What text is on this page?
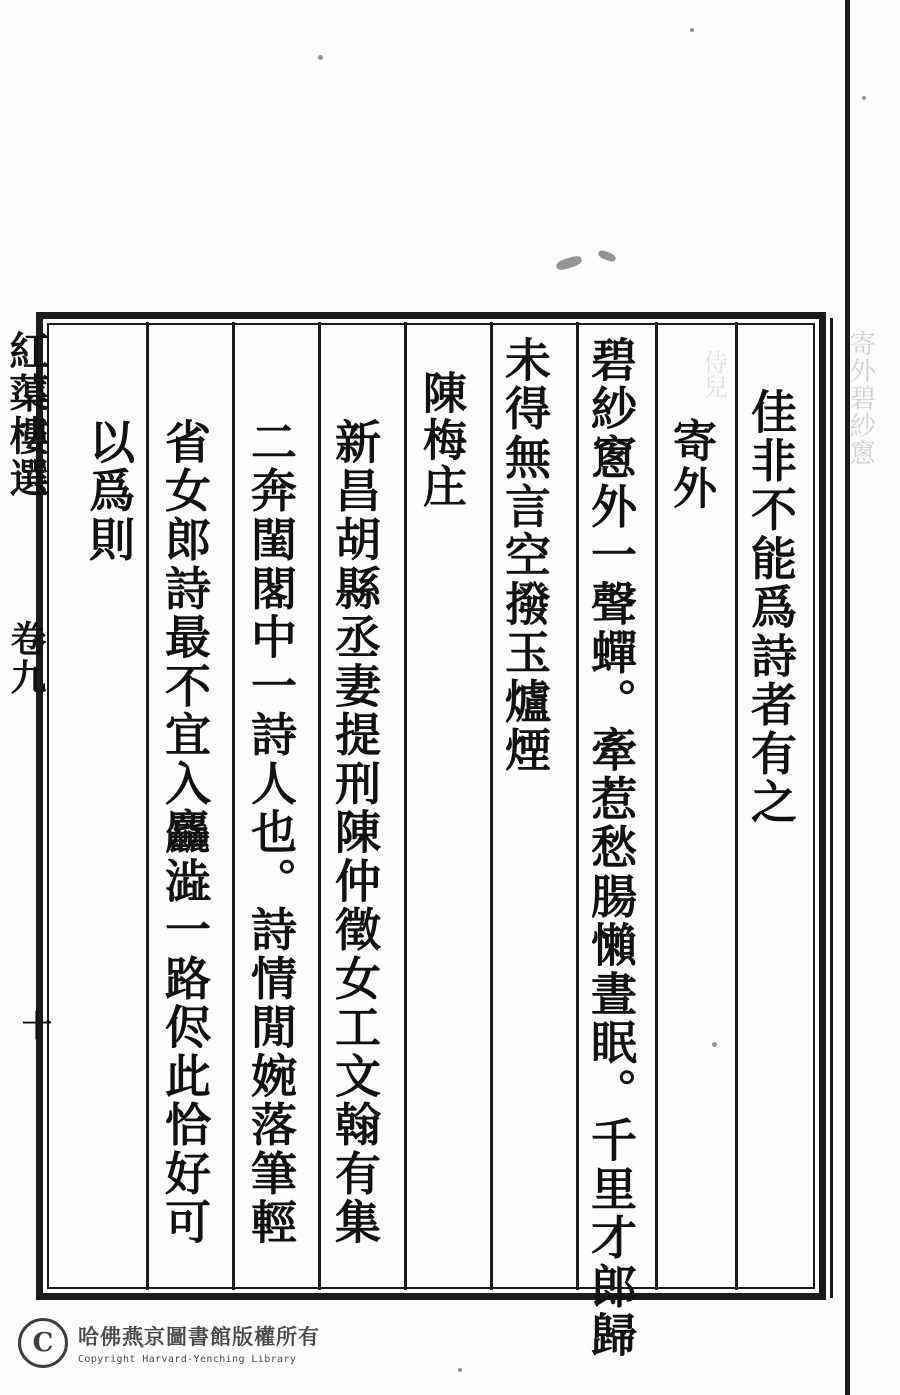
寄外碧紗窻
侍兒
紅蕖樓選
卷九
十
佳非不能爲詩者有之
寄外
碧紗窻外一聲蟬。牽惹愁腸懶晝眠。千里才郎歸
未得無言空撥玉爐煙
陳梅庄
新昌胡縣丞妻提刑陳仲徵女工文翰有集
二奔閨閣中一詩人也。詩情閒婉落筆輕
省女郎詩最不宜入麤澁一路侭此恰好可
以爲則
C	哈佛燕京圖書館版權所有
Copyright Harvard-Yenching Library
